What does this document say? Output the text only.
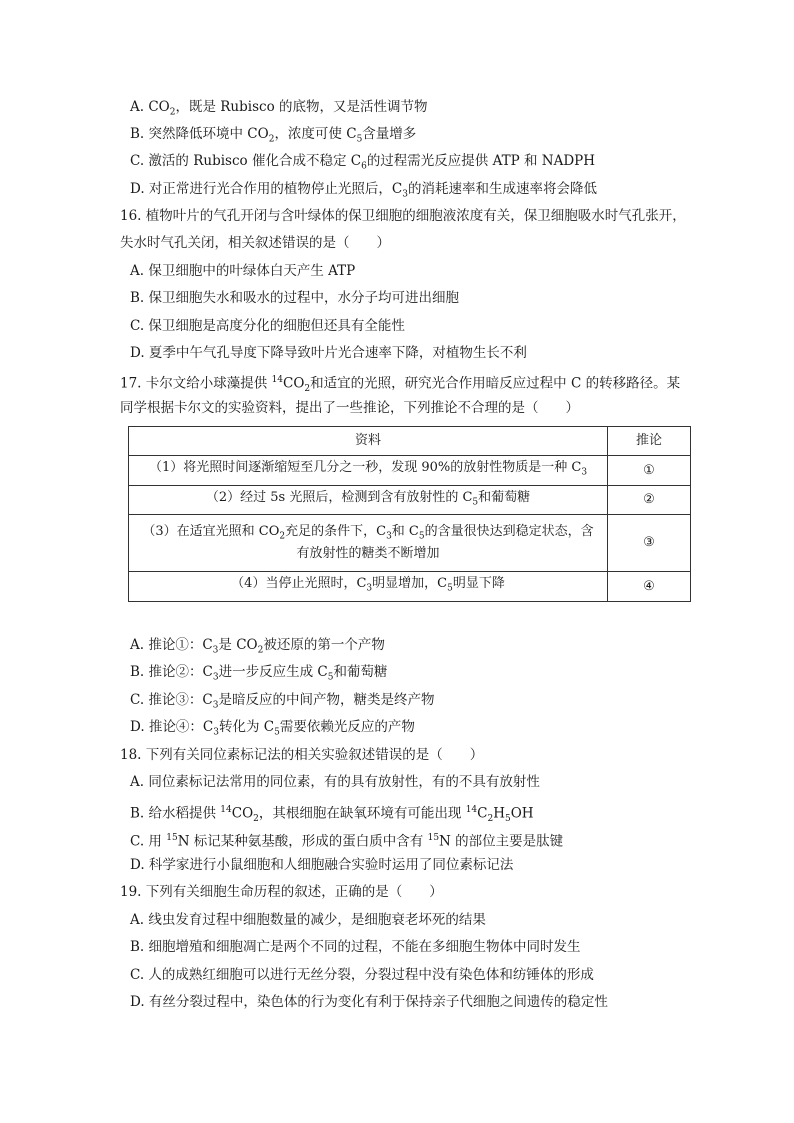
资料	推论
（1）将光照时间逐渐缩短至几分之一秒，发现 90%的放射性物质是一种 $C_3$	①
（2）经过 5s 光照后，检测到含有放射性的 $C_5$和葡萄糖	②
（3）在适宜光照和 $CO_2$充足的条件下，$C_3$和 $C_5$的含量很快达到稳定状态，含
有放射性的糖类不断增加	③
（4）当停止光照时，$C_3$明显增加，$C_5$明显下降	④
A. $CO_2$，既是 Rubisco 的底物，又是活性调节物
B. 突然降低环境中 $CO_2$，浓度可使 $C_5$含量增多
C. 激活的 Rubisco 催化合成不稳定 $C_6$的过程需光反应提供 ATP 和 NADPH
D. 对正常进行光合作用的植物停止光照后，$C_3$的消耗速率和生成速率将会降低
16. 植物叶片的气孔开闭与含叶绿体的保卫细胞的细胞液浓度有关，保卫细胞吸水时气孔张开，
失水时气孔关闭，相关叙述错误的是（　　）
A. 保卫细胞中的叶绿体白天产生 ATP
B. 保卫细胞失水和吸水的过程中，水分子均可进出细胞
C. 保卫细胞是高度分化的细胞但还具有全能性
D. 夏季中午气孔导度下降导致叶片光合速率下降，对植物生长不利
17. 卡尔文给小球藻提供 $^{14}CO_2$和适宜的光照，研究光合作用暗反应过程中 C 的转移路径。某
同学根据卡尔文的实验资料，提出了一些推论，下列推论不合理的是（　　）
A. 推论①：$C_3$是 $CO_2$被还原的第一个产物
B. 推论②：$C_3$进一步反应生成 $C_5$和葡萄糖
C. 推论③：$C_3$是暗反应的中间产物，糖类是终产物
D. 推论④：$C_3$转化为 $C_5$需要依赖光反应的产物
18. 下列有关同位素标记法的相关实验叙述错误的是（　　）
A. 同位素标记法常用的同位素，有的具有放射性，有的不具有放射性
B. 给水稻提供 $^{14}CO_2$，其根细胞在缺氧环境有可能出现 $^{14}C_2H_5OH$
C. 用 $^{15}$N 标记某种氨基酸，形成的蛋白质中含有 $^{15}$N 的部位主要是肽键
D. 科学家进行小鼠细胞和人细胞融合实验时运用了同位素标记法
19. 下列有关细胞生命历程的叙述，正确的是（　　）
A. 线虫发育过程中细胞数量的减少，是细胞衰老坏死的结果
B. 细胞增殖和细胞凋亡是两个不同的过程，不能在多细胞生物体中同时发生
C. 人的成熟红细胞可以进行无丝分裂，分裂过程中没有染色体和纺锤体的形成
D. 有丝分裂过程中，染色体的行为变化有利于保持亲子代细胞之间遗传的稳定性
